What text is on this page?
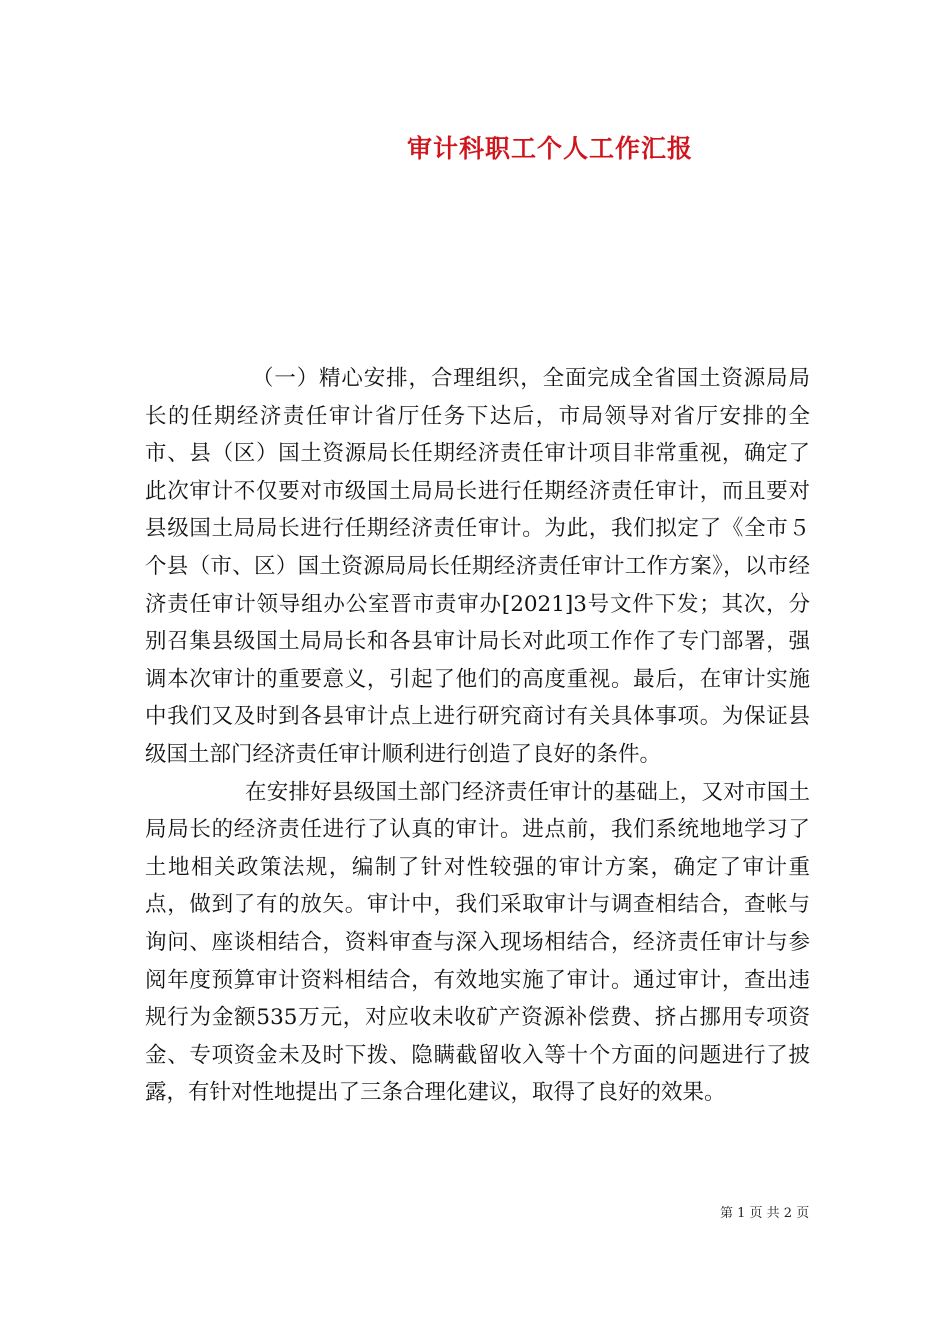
审计科职工个人工作汇报

（一）精心安排，合理组织，全面完成全省国土资源局局长的任期经济责任审计省厅任务下达后，市局领导对省厅安排的全市、县（区）国土资源局长任期经济责任审计项目非常重视，确定了此次审计不仅要对市级国土局局长进行任期经济责任审计，而且要对县级国土局局长进行任期经济责任审计。为此，我们拟定了《全市５个县（市、区）国土资源局局长任期经济责任审计工作方案》，以市经济责任审计领导组办公室晋市责审办[2021]3号文件下发；其次，分别召集县级国土局局长和各县审计局长对此项工作作了专门部署，强调本次审计的重要意义，引起了他们的高度重视。最后，在审计实施中我们又及时到各县审计点上进行研究商讨有关具体事项。为保证县级国土部门经济责任审计顺利进行创造了良好的条件。

在安排好县级国土部门经济责任审计的基础上，又对市国土局局长的经济责任进行了认真的审计。进点前，我们系统地地学习了土地相关政策法规，编制了针对性较强的审计方案，确定了审计重点，做到了有的放矢。审计中，我们采取审计与调查相结合，查帐与询问、座谈相结合，资料审查与深入现场相结合，经济责任审计与参阅年度预算审计资料相结合，有效地实施了审计。通过审计，查出违规行为金额535万元，对应收未收矿产资源补偿费、挤占挪用专项资金、专项资金未及时下拨、隐瞒截留收入等十个方面的问题进行了披露，有针对性地提出了三条合理化建议，取得了良好的效果。

第 1 页 共 2 页
